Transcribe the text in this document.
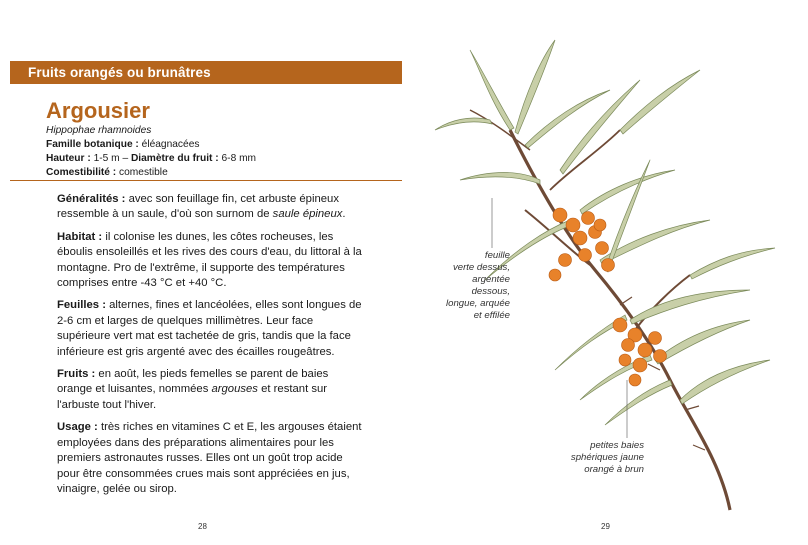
Fruits orangés ou brunâtres
Argousier
Hippophae rhamnoides
Famille botanique : éléagnacées
Hauteur : 1-5 m – Diamètre du fruit : 6-8 mm
Comestibilité : comestible

Généralités : avec son feuillage fin, cet arbuste épineux ressemble à un saule, d'où son surnom de saule épineux.

Habitat : il colonise les dunes, les côtes rocheuses, les éboulis ensoleillés et les rives des cours d'eau, du littoral à la montagne. Pro de l'extrême, il supporte des températures comprises entre -43 °C et +40 °C.

Feuilles : alternes, fines et lancéolées, elles sont longues de 2-6 cm et larges de quelques millimètres. Leur face supérieure vert mat est tachetée de gris, tandis que la face inférieure est gris argenté avec des écailles rougeâtres.

Fruits : en août, les pieds femelles se parent de baies orange et luisantes, nommées argouses et restant sur l'arbuste tout l'hiver.

Usage : très riches en vitamines C et E, les argouses étaient employées dans des préparations alimentaires pour les premiers astronautes russes. Elles ont un goût trop acide pour être consommées crues mais sont appréciées en jus, vinaigre, gelée ou sirop.

28
feuille
verte dessus,
argentée
dessous,
longue, arquée
et effilée
petites baies
sphériques jaune
orangé à brun
29
